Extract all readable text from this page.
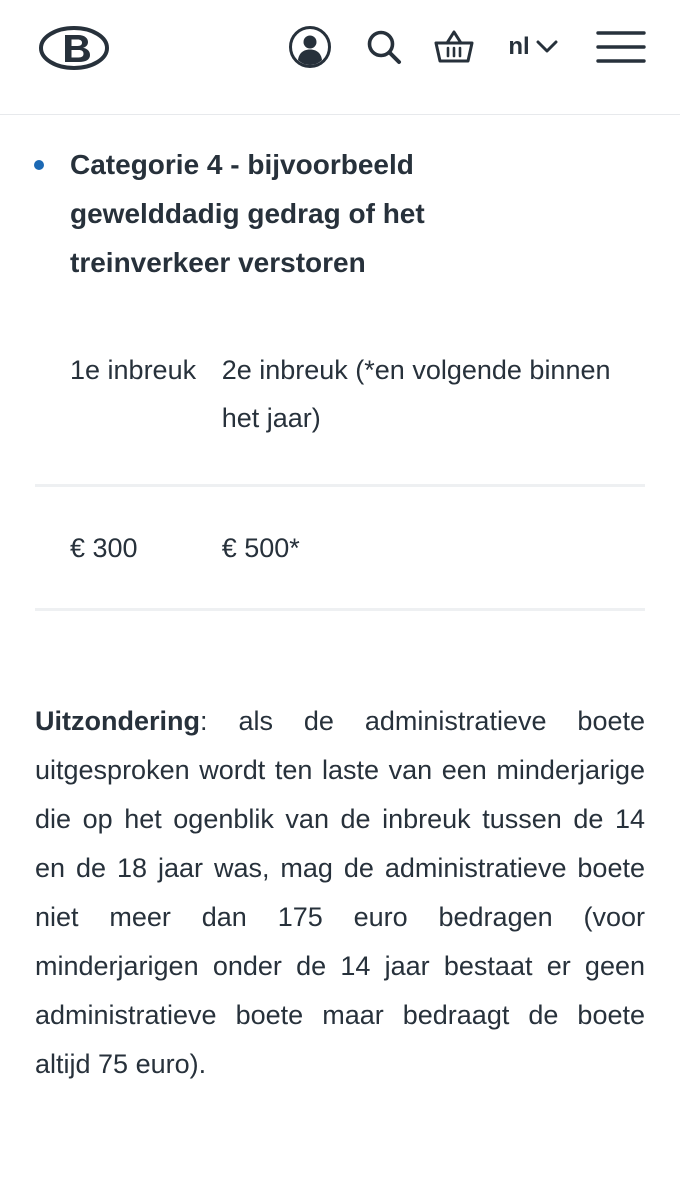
nl
Categorie 4 - bijvoorbeeld gewelddadig gedrag of het treinverkeer verstoren
1e inbreuk	2e inbreuk (*en volgende binnen het jaar)
€ 300	€ 500*

Uitzondering: als de administratieve boete uitgesproken wordt ten laste van een minderjarige die op het ogenblik van de inbreuk tussen de 14 en de 18 jaar was, mag de administratieve boete niet meer dan 175 euro bedragen (voor minderjarigen onder de 14 jaar bestaat er geen administratieve boete maar bedraagt de boete altijd 75 euro).
